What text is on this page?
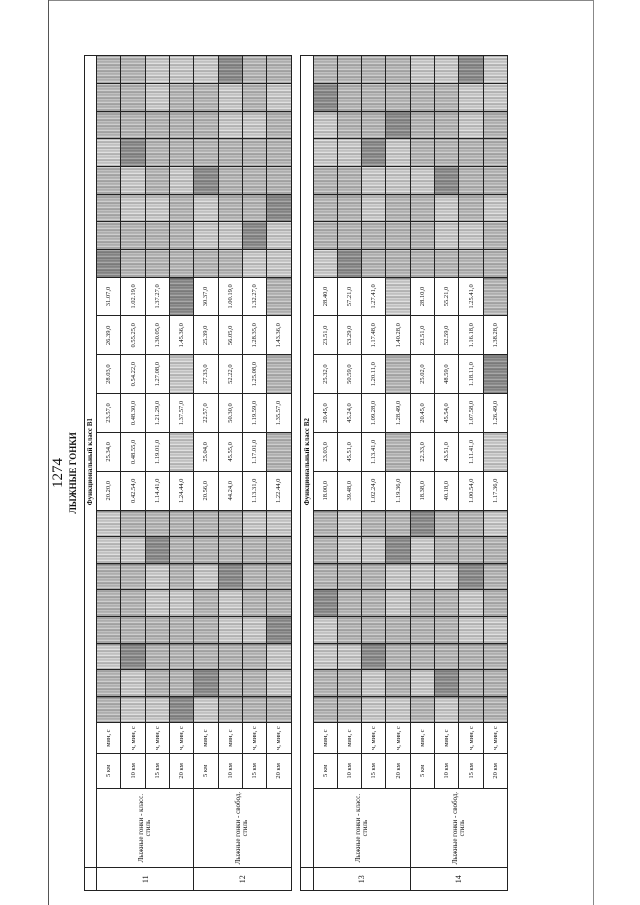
1274 ЛЫЖНЫЕ ГОНКИ
	Функциональный класс В1																								
11	Лыжные гонки - класс. стиль	5 км	мин, с									20.20,0	25.34,0	23.57,0	28.03,0	26.39,0	31.07,0								
		10 км	ч, мин, с									0.42.54,0	0.48.55,0	0.48.30,0	0.54.22,0	0.55.25,0	1.02.19,0								
		15 км	ч, мин, с									1.14.41,0	1.19.01,0	1.21.29,0	1.27.08,0	1.30.05,0	1.37.27,0								
		20 км	ч, мин, с									1.24.44,0		1.37.57,0		1.45.36,0									
12	Лыжные гонки - свобод. стиль	5 км	мин, с									20.56,0	25.04,0	22.57,0	27.33,0	25.39,0	30.37,0								
		10 км	мин, с									44.24,0	45.55,0	50.30,0	52.22,0	56.05,0	1.00.19,0								
		15 км	ч, мин, с									1.13.31,0	1.17.01,0	1.19.59,0	1.25.08,0	1.28.35,0	1.32.27,0								
		20 км	ч, мин, с									1.22.44,0		1.35.57,0		1.43.36,0									

	Функциональный класс В2																								
13	Лыжные гонки - класс. стиль	5 км	мин, с									18.00,0	23.03,0	20.45,0	25.32,0	23.51,0	28.40,0								
		10 км	мин, с									39.48,0	45.51,0	45.24,0	50.59,0	53.29,0	57.21,0								
		15 км	ч, мин, с									1.02.24,0	1.13.41,0	1.09.28,0	1.20.11,0	1.17.48,0	1.27.41,0								
		20 км	ч, мин, с									1.19.36,0		1.28.49,0		1.40.28,0									
14	Лыжные гонки - свобод. стиль	5 км	мин, с									18.38,0	22.33,0	20.45,0	25.02,0	23.51,0	28.10,0								
		10 км	мин, с									40.18,0	43.51,0	45.54,0	48.59,0	52.59,0	55.21,0								
		15 км	ч, мин, с									1.00.54,0	1.11.41,0	1.07.58,0	1.18.11,0	1.16.18,0	1.25.41,0								
		20 км	ч, мин, с									1.17.36,0		1.26.49,0		1.38.28,0									
